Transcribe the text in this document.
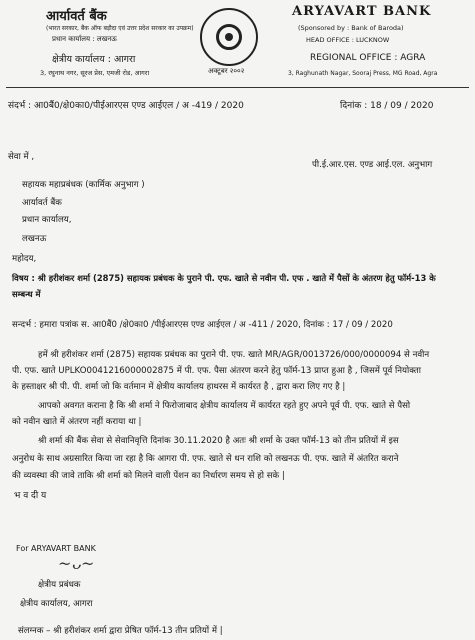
आर्यावर्त बैंक
(भारत सरकार, बैंक ऑफ बड़ौदा एवं उत्तर प्रदेश सरकार का उपक्रम)
प्रधान कार्यालय : लखनऊ
क्षेत्रीय कार्यालय : आगरा
3, रघुनाथ नगर, सूरज प्रेस, एमजी रोड, आगरा	अक्टूबर २००२
ARYAVART BANK
(Sponsored by : Bank of Baroda)
HEAD OFFICE : LUCKNOW
REGIONAL OFFICE : AGRA
3, Raghunath Nagar, Sooraj Press, MG Road, Agra
संदर्भ : आ0बैं0/क्षे0का0/पीईआरएस एण्ड आईएल / अ -419 / 2020	दिनांक : 18 / 09 / 2020
सेवा में ,
पी.ई.आर.एस. एण्ड आई.एल. अनुभाग
सहायक महाप्रबंधक (कार्मिक अनुभाग )
आर्यावर्त बैंक
प्रधान कार्यालय,
लखनऊ
महोदय,
विषय : श्री हरीशंकर शर्मा (2875) सहायक प्रबंधक के पुराने पी. एफ. खाते से नवीन पी. एफ . खाते में पैसों के अंतरण हेतु फॉर्म-13 के
सम्बन्ध में
सन्दर्भ : हमारा पत्रांक स. आ0बैं0 /क्षे0का0 /पीईआरएस एण्ड आईएल / अ -411 / 2020, दिनांक : 17 / 09 / 2020
हमें श्री हरीशंकर शर्मा (2875) सहायक प्रबंधक का पुराने पी. एफ. खाते MR/AGR/0013726/000/0000094 से नवीन
पी. एफ. खाते UPLKO0041216000002875 में पी. एफ. पैसा अंतरण करने हेतु फॉर्म-13 प्राप्त हुआ है , जिसमें पूर्व नियोक्ता
के हस्ताक्षर श्री पी. पी. शर्मा जो कि वर्तमान में क्षेत्रीय कार्यालय हाथरस में कार्यरत है , द्वारा करा लिए गए है |
आपको अवगत कराना है कि श्री शर्मा ने फिरोजाबाद क्षेत्रीय कार्यालय में कार्यरत रहते हुए अपने पूर्व पी. एफ. खाते से पैसो
को नवीन खाते में अंतरण नहीं कराया था |
श्री शर्मा की बैंक सेवा से सेवानिवृत्ति दिनांक 30.11.2020 है अतः श्री शर्मा के उक्त फॉर्म-13 को तीन प्रतियों में इस
अनुरोध के साथ अग्रसारित किया जा रहा है कि आगरा पी. एफ. खाते से धन राशि को लखनऊ पी. एफ. खाते में अंतरित कराने
की व्यवस्था की जावे ताकि श्री शर्मा को मिलने वाली पेंशन का निर्धारण समय से हो सके |
भ व दी य
For ARYAVART BANK
~ᴗ~
क्षेत्रीय प्रबंधक
क्षेत्रीय कार्यालय, आगरा
संलग्नक – श्री हरीशंकर शर्मा द्वारा प्रेषित फॉर्म-13 तीन प्रतियों में |
